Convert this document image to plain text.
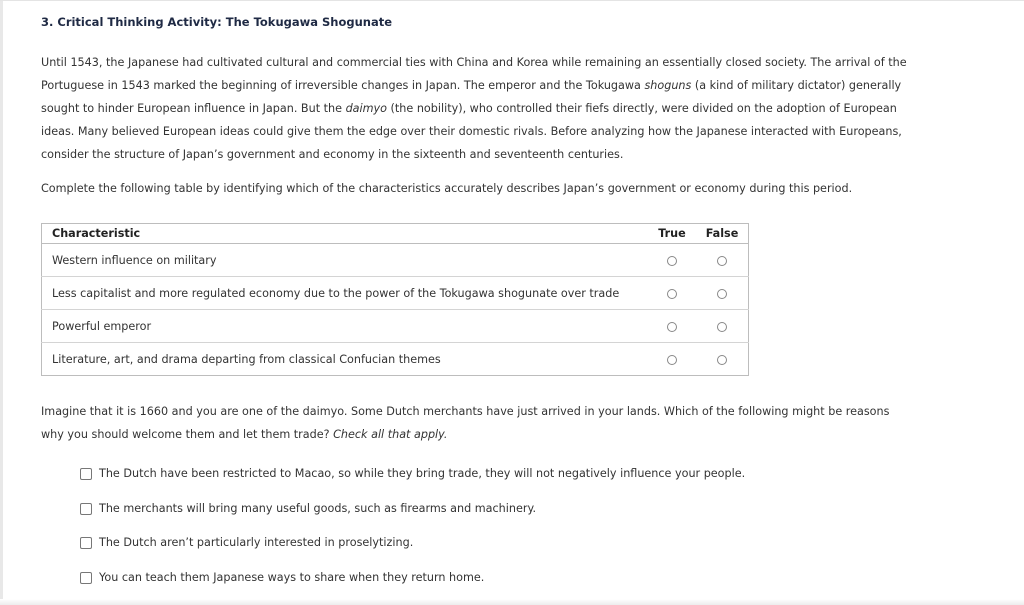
3. Critical Thinking Activity: The Tokugawa Shogunate

Until 1543, the Japanese had cultivated cultural and commercial ties with China and Korea while remaining an essentially closed society. The arrival of the Portuguese in 1543 marked the beginning of irreversible changes in Japan. The emperor and the Tokugawa shoguns (a kind of military dictator) generally sought to hinder European influence in Japan. But the daimyo (the nobility), who controlled their fiefs directly, were divided on the adoption of European ideas. Many believed European ideas could give them the edge over their domestic rivals. Before analyzing how the Japanese interacted with Europeans, consider the structure of Japan’s government and economy in the sixteenth and seventeenth centuries.

Complete the following table by identifying which of the characteristics accurately describes Japan’s government or economy during this period.
Characteristic	True	False
Western influence on military		
Less capitalist and more regulated economy due to the power of the Tokugawa shogunate over trade		
Powerful emperor		
Literature, art, and drama departing from classical Confucian themes		

Imagine that it is 1660 and you are one of the daimyo. Some Dutch merchants have just arrived in your lands. Which of the following might be reasons why you should welcome them and let them trade? Check all that apply.

The Dutch have been restricted to Macao, so while they bring trade, they will not negatively influence your people.
The merchants will bring many useful goods, such as firearms and machinery.
The Dutch aren’t particularly interested in proselytizing.
You can teach them Japanese ways to share when they return home.
